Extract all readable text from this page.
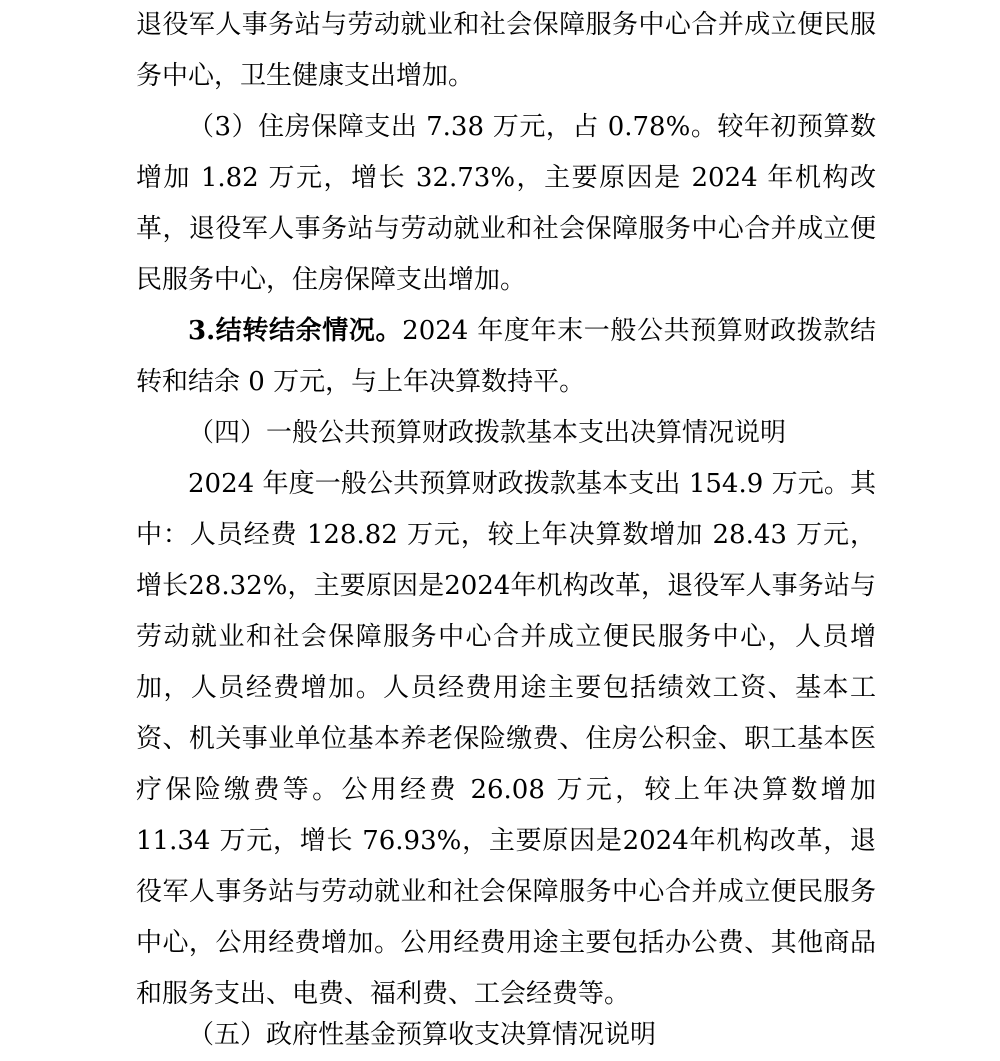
退役军人事务站与劳动就业和社会保障服务中心合并成立便民服务中心，卫生健康支出增加。

（3）住房保障支出 7.38 万元，占 0.78%。较年初预算数增加 1.82 万元，增长 32.73%，主要原因是 2024 年机构改革，退役军人事务站与劳动就业和社会保障服务中心合并成立便民服务中心，住房保障支出增加。

3.结转结余情况。2024 年度年末一般公共预算财政拨款结转和结余 0 万元，与上年决算数持平。

（四）一般公共预算财政拨款基本支出决算情况说明

2024 年度一般公共预算财政拨款基本支出 154.9 万元。其中：人员经费 128.82 万元，较上年决算数增加 28.43 万元，增长28.32%，主要原因是2024年机构改革，退役军人事务站与劳动就业和社会保障服务中心合并成立便民服务中心，人员增加，人员经费增加。人员经费用途主要包括绩效工资、基本工资、机关事业单位基本养老保险缴费、住房公积金、职工基本医疗保险缴费等。公用经费 26.08 万元，较上年决算数增加 11.34 万元，增长 76.93%，主要原因是2024年机构改革，退役军人事务站与劳动就业和社会保障服务中心合并成立便民服务中心，公用经费增加。公用经费用途主要包括办公费、其他商品和服务支出、电费、福利费、工会经费等。

（五）政府性基金预算收支决算情况说明
